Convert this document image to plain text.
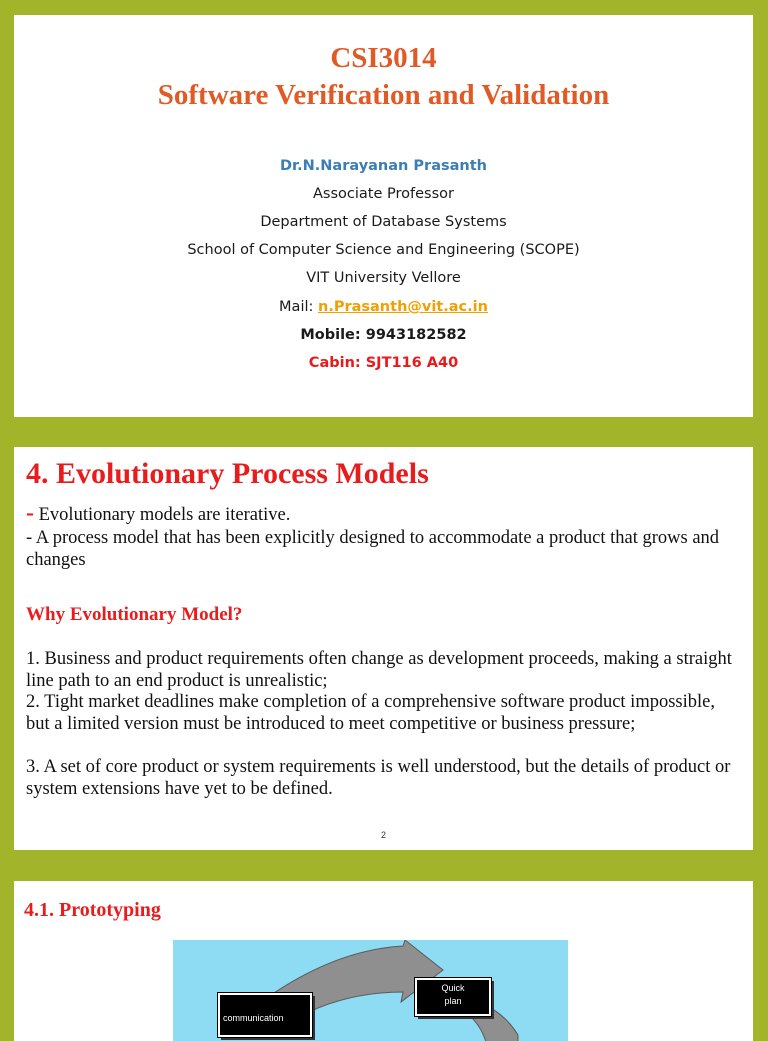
CSI3014
Software Verification and Validation
Dr.N.Narayanan Prasanth
Associate Professor
Department of Database Systems
School of Computer Science and Engineering (SCOPE)
VIT University Vellore
Mail: n.Prasanth@vit.ac.in
Mobile: 9943182582
Cabin: SJT116 A40
4. Evolutionary Process Models
- Evolutionary models are iterative.
- A process model that has been explicitly designed to accommodate a product that grows and changes
Why Evolutionary Model?
1. Business and product requirements often change as development proceeds, making a straight line path to an end product is unrealistic;
2. Tight market deadlines make completion of a comprehensive software product impossible, but a limited version must be introduced to meet competitive or business pressure;
3. A set of core product or system requirements is well understood, but the details of product or system extensions have yet to be defined.
2
4.1. Prototyping
communication
Quick
plan
